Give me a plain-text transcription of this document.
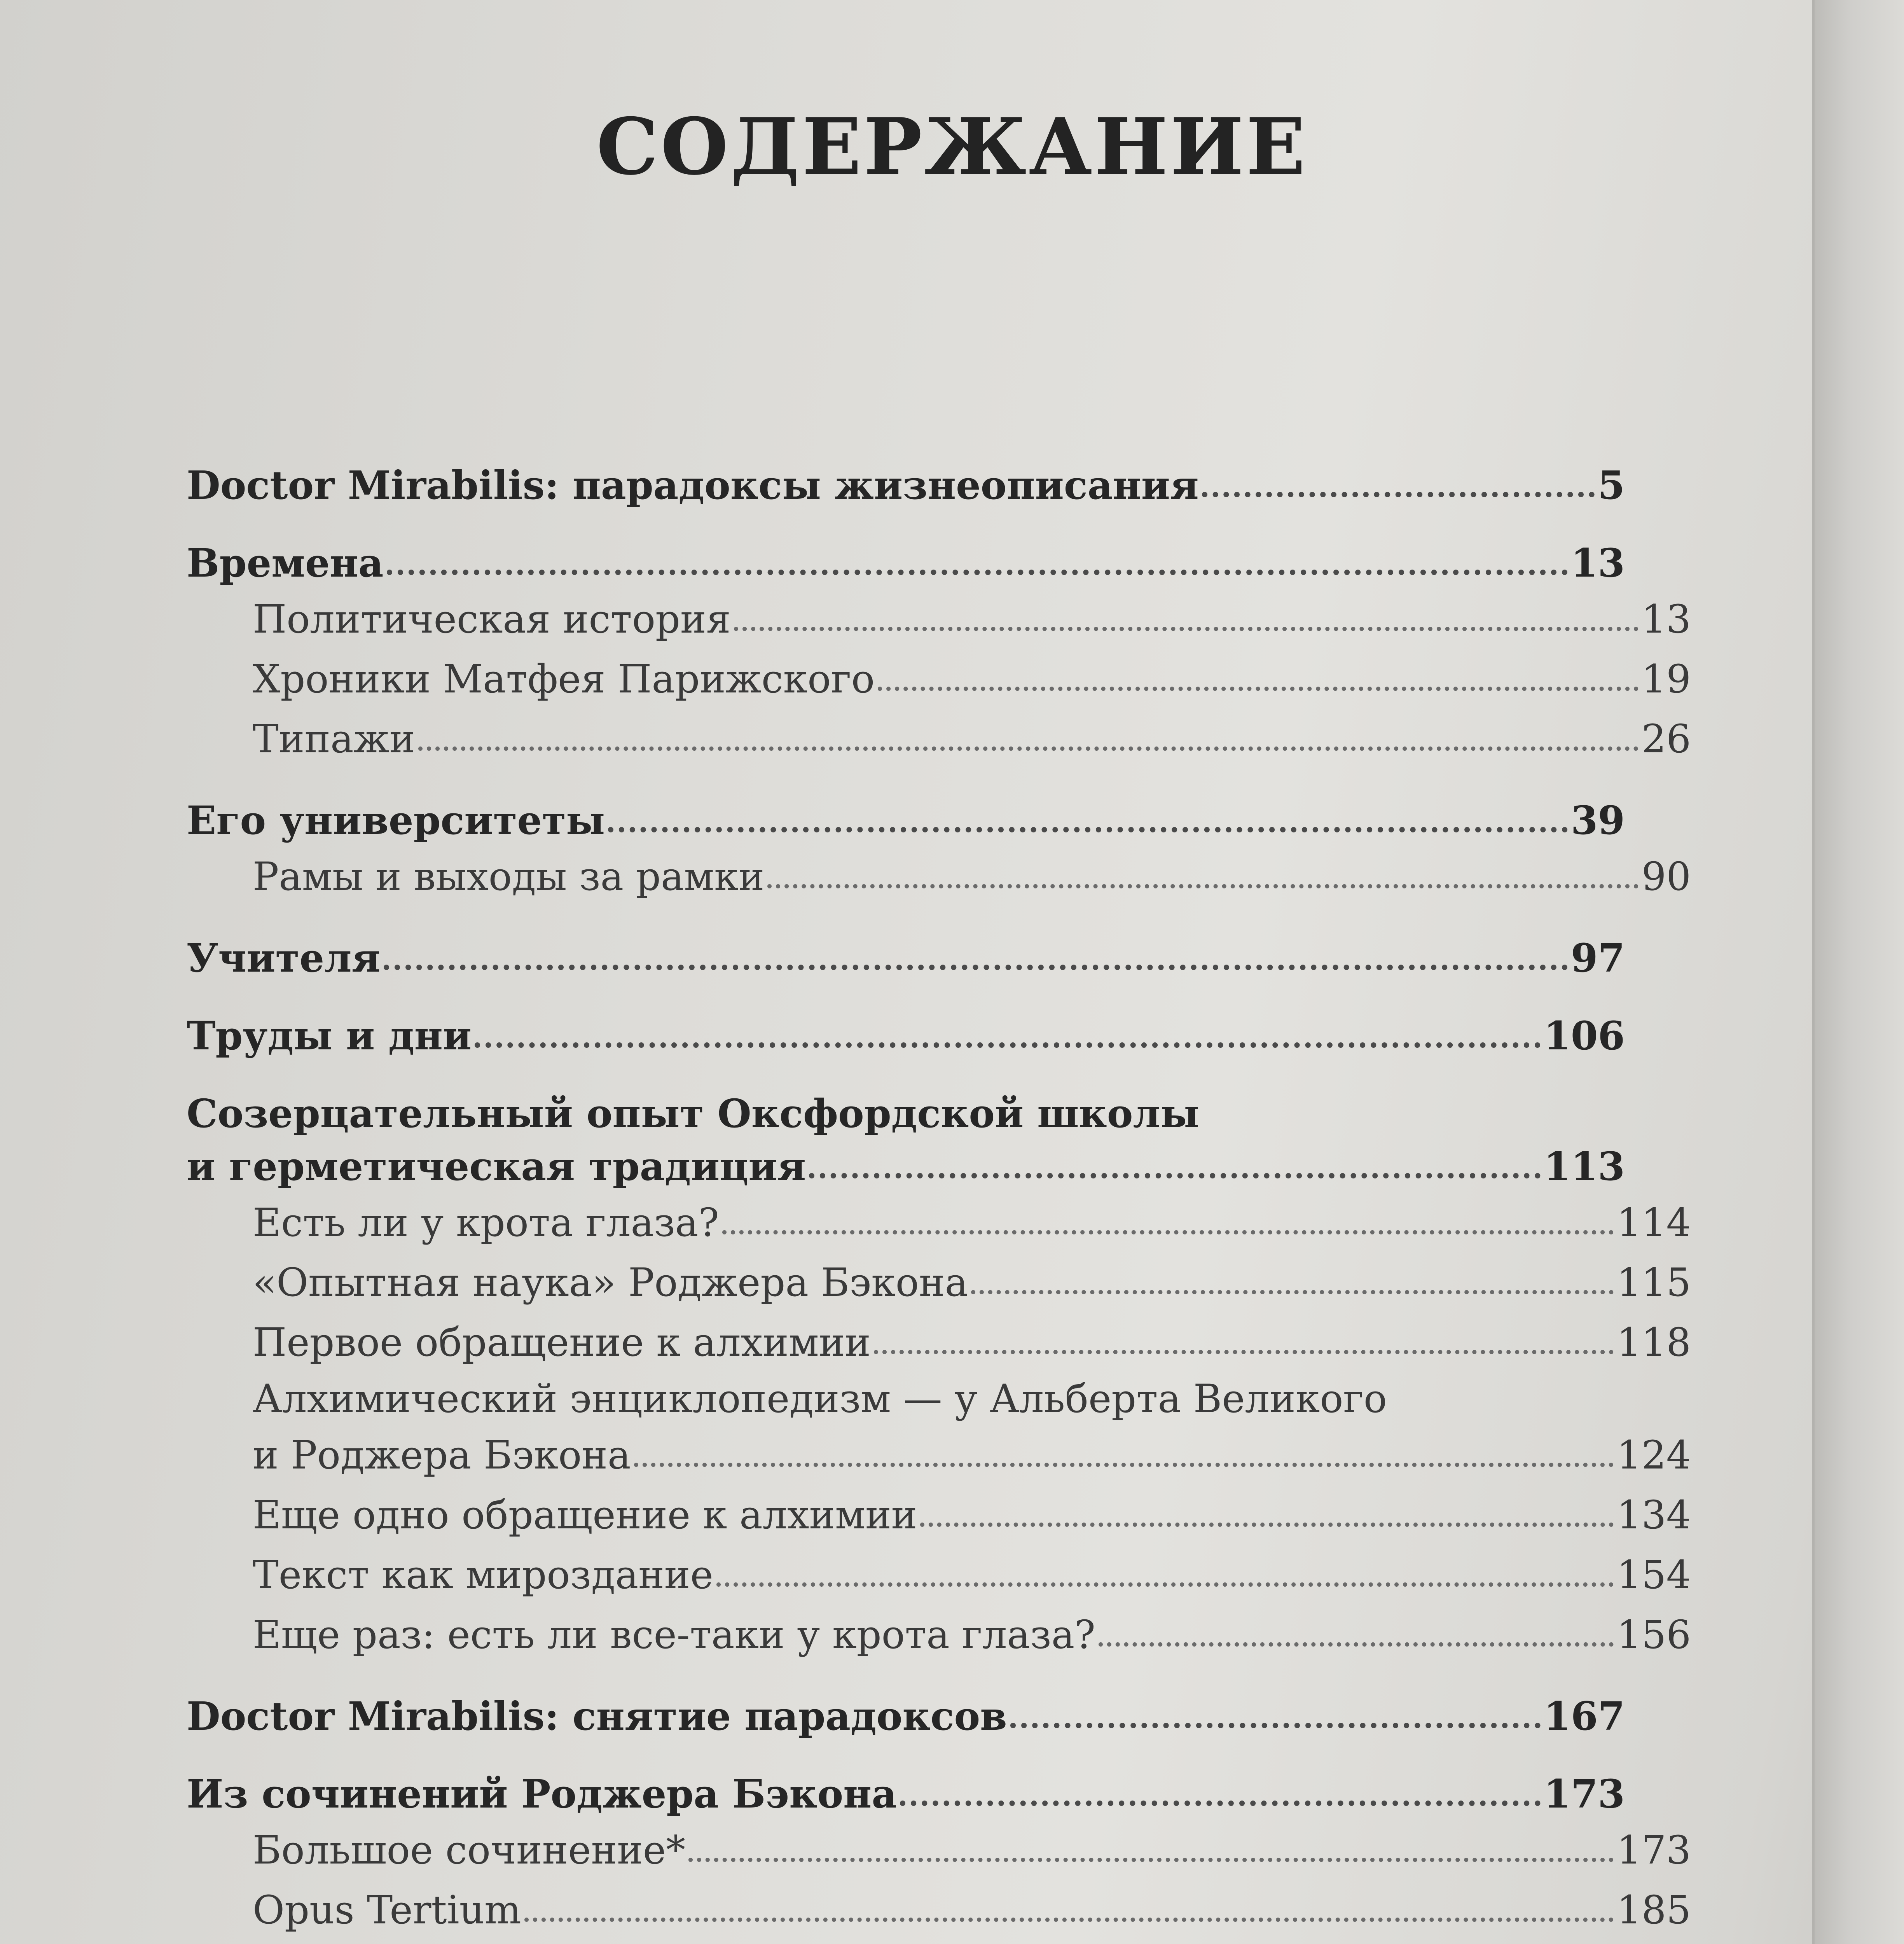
СОДЕРЖАНИЕ
Doctor Mirabilis: парадоксы жизнеописания	5
Времена	13
Политическая история	13
Хроники Матфея Парижского	19
Типажи	26
Его университеты	39
Рамы и выходы за рамки	90
Учителя	97
Труды и дни	106
Созерцательный опыт Оксфордской школы
и герметическая традиция	113
Есть ли у крота глаза?	114
«Опытная наука» Роджера Бэкона	115
Первое обращение к алхимии	118
Алхимический энциклопедизм — у Альберта Великого
и Роджера Бэкона	124
Еще одно обращение к алхимии	134
Текст как мироздание	154
Еще раз: есть ли все-таки у крота глаза?	156
Doctor Mirabilis: снятие парадоксов	167
Из сочинений Роджера Бэкона	173
Большое сочинение*	173
Opus Tertium	185
